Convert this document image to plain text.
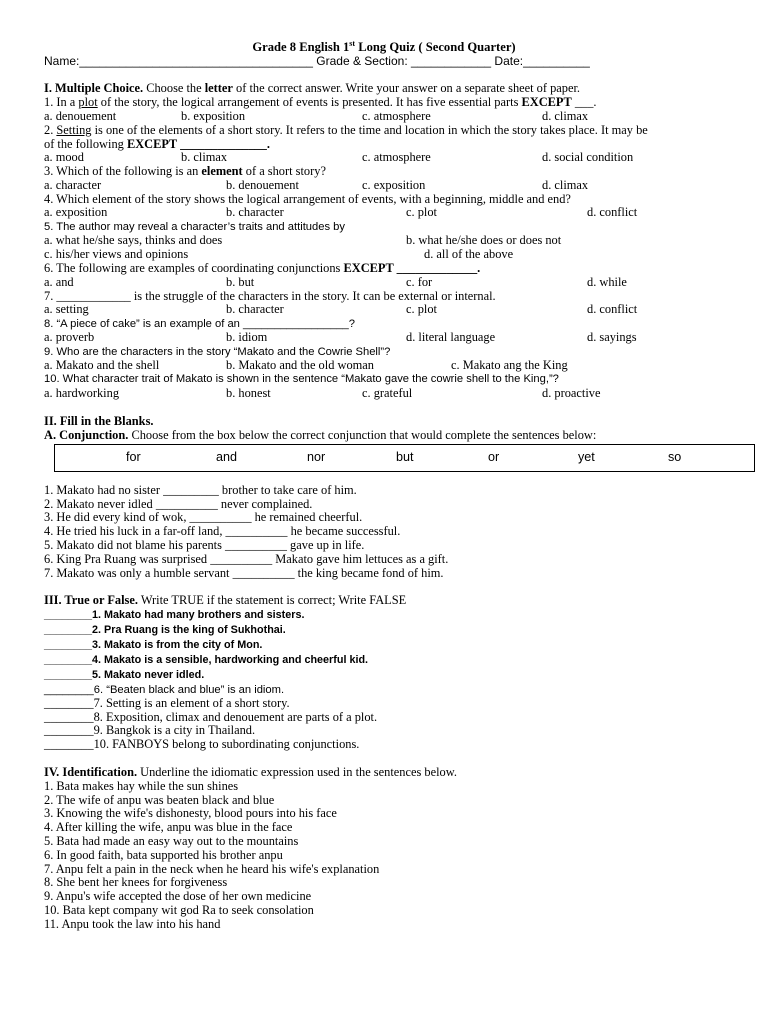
Grade 8 English 1st Long Quiz ( Second Quarter)
Name:___________________________________ Grade & Section: ____________ Date:__________
I. Multiple Choice. Choose the letter of the correct answer. Write your answer on a separate sheet of paper.
1. In a plot of the story, the logical arrangement of events is presented. It has five essential parts EXCEPT ___.
a. denouement	b. exposition	c. atmosphere	d. climax
2. Setting is one of the elements of a short story. It refers to the time and location in which the story takes place. It may be
of the following EXCEPT ______________.
a. mood	b. climax	c. atmosphere	d. social condition
3. Which of the following is an element of a short story?
a. character	b. denouement	c. exposition	d. climax
4. Which element of the story shows the logical arrangement of events, with a beginning, middle and end?
a. exposition	b. character	c. plot	d. conflict
5. The author may reveal a character’s traits and attitudes by
a. what he/she says, thinks and does	b. what he/she does or does not
c. his/her views and opinions	d. all of the above
6. The following are examples of coordinating conjunctions EXCEPT _____________.
a. and	b. but	c. for	d. while
7. ____________ is the struggle of the characters in the story. It can be external or internal.
a. setting	b. character	c. plot	d. conflict
8. “A piece of cake” is an example of an _________________?
a. proverb	b. idiom	d. literal language	d. sayings
9. Who are the characters in the story “Makato and the Cowrie Shell”?
a. Makato and the shell	b. Makato and the old woman	c. Makato ang the King
10. What character trait of Makato is shown in the sentence “Makato gave the cowrie shell to the King,”?
a. hardworking	b. honest	c. grateful	d. proactive
II. Fill in the Blanks.
A. Conjunction. Choose from the box below the correct conjunction that would complete the sentences below:
for	and	nor	but	or	yet	so
1. Makato had no sister _________ brother to take care of him.
2. Makato never idled __________ never complained.
3. He did every kind of wok, __________ he remained cheerful.
4. He tried his luck in a far-off land, __________ he became successful.
5. Makato did not blame his parents __________ gave up in life.
6. King Pra Ruang was surprised __________ Makato gave him lettuces as a gift.
7. Makato was only a humble servant __________ the king became fond of him.
III. True or False. Write TRUE if the statement is correct; Write FALSE
________1. Makato had many brothers and sisters.
________2. Pra Ruang is the king of Sukhothai.
________3. Makato is from the city of Mon.
________4. Makato is a sensible, hardworking and cheerful kid.
________5. Makato never idled.
________6. “Beaten black and blue” is an idiom.
________7. Setting is an element of a short story.
________8. Exposition, climax and denouement are parts of a plot.
________9. Bangkok is a city in Thailand.
________10. FANBOYS belong to subordinating conjunctions.
IV. Identification. Underline the idiomatic expression used in the sentences below.
1. Bata makes hay while the sun shines
2. The wife of anpu was beaten black and blue
3. Knowing the wife's dishonesty, blood pours into his face
4. After killing the wife, anpu was blue in the face
5. Bata had made an easy way out to the mountains
6. In good faith, bata supported his brother anpu
7. Anpu felt a pain in the neck when he heard his wife's explanation
8. She bent her knees for forgiveness
9. Anpu's wife accepted the dose of her own medicine
10. Bata kept company wit god Ra to seek consolation
11. Anpu took the law into his hand
